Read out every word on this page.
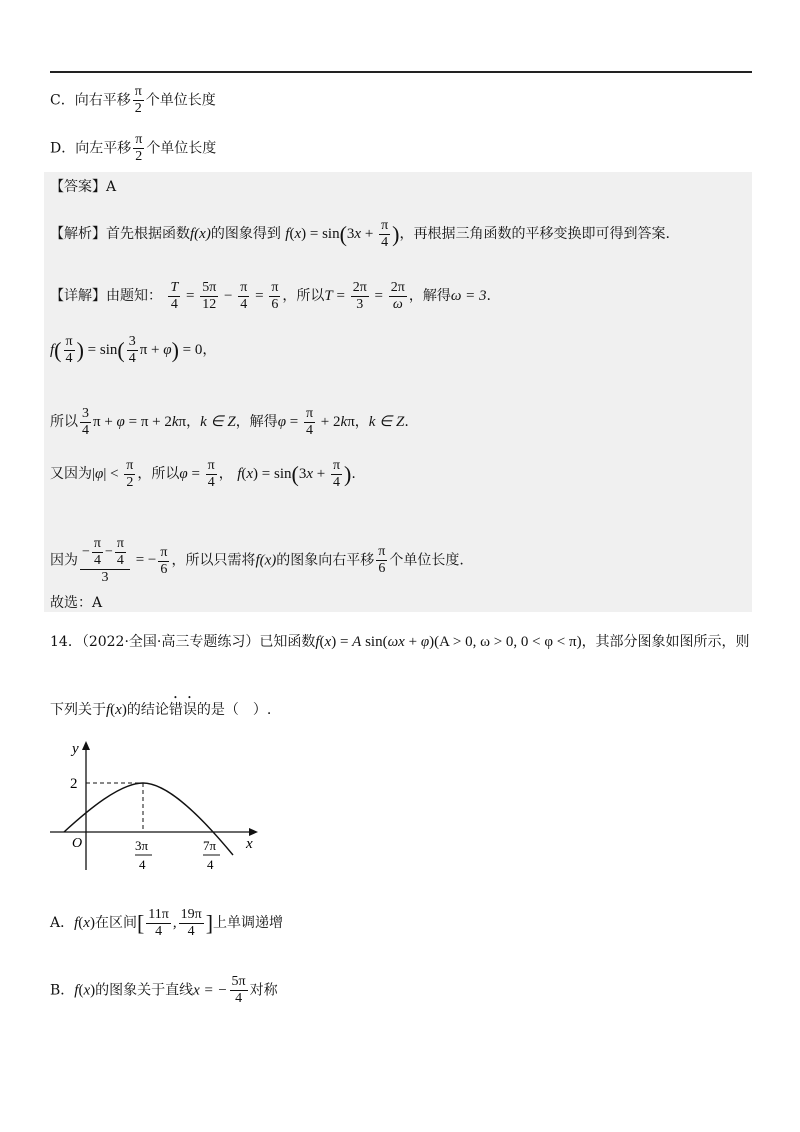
C．向右平移 $\frac{\pi}{2}$ 个单位长度
D．向左平移 $\frac{\pi}{2}$ 个单位长度
【答案】A
【解析】首先根据函数f(x)的图象得到 $f(x) = \sin(3x + \frac{\pi}{4}$ )，再根据三角函数的平移变换即可得到答案.
【详解】由题知： $\frac{T}{4} = \frac{5\pi}{12} - \frac{\pi}{4} = \frac{\pi}{6}$ ，所以$T = \frac{2\pi}{3} = \frac{2\pi}{\omega}$ ，解得ω = 3.
$f( \frac{\pi}{4}$ ) = $\sin( \frac{3}{4}$ π + φ) = 0，
所以 $\frac{3}{4}$ π + φ = π + 2kπ，k ∈ Z，解得$\varphi = \frac{\pi}{4} + 2k\pi$，k ∈ Z.
又因为$|\varphi| < \frac{\pi}{2}$ ，所以$\varphi = \frac{\pi}{4}$ ， $f(x) = \sin(3x + \frac{\pi}{4}$ ).
因为 $\frac{- \frac{\pi}{4} - \frac{\pi}{4}}{3}$ = − $\frac{\pi}{6}$ ，所以只需将f(x)的图象向右平移 $\frac{\pi}{6}$ 个单位长度.
故选：A
14．（2022·全国·高三专题练习）已知函数f(x) = A sin(ωx + φ)(A > 0, ω > 0, 0 < φ < π)，其部分图象如图所示，则
下列关于f(x)的结论错误的是（　）.
y
x
O
2
3π
4
7π
4
A．f(x)在区间[ $\frac{11\pi}{4}$ , $\frac{19\pi}{4}$ ]上单调递增
B．f(x)的图象关于直线x = − $\frac{5\pi}{4}$ 对称
